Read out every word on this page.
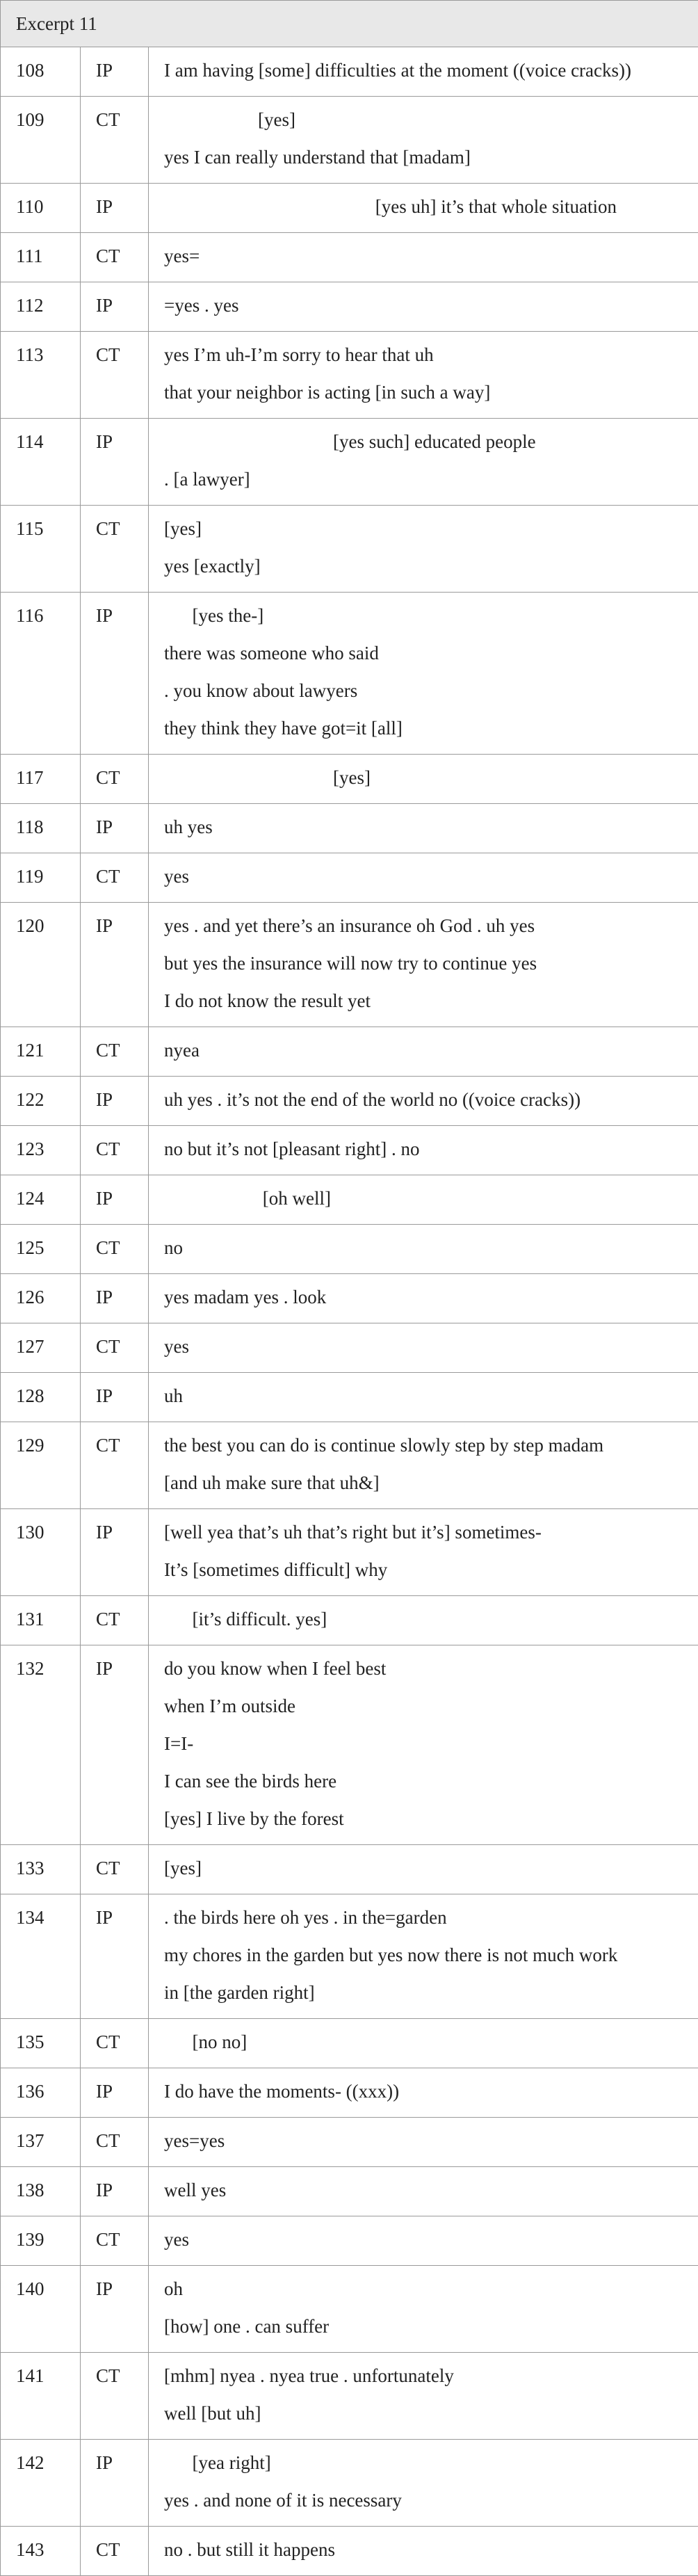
Excerpt 11		
108	IP	I am having [some] difficulties at the moment ((voice cracks))

109	CT	[yes]
yes I can really understand that [madam]

110	IP	[yes uh] it’s that whole situation

111	CT	yes=

112	IP	=yes . yes

113	CT	yes I’m uh-I’m sorry to hear that uh
that your neighbor is acting [in such a way]

114	IP	[yes such] educated people
. [a lawyer]

115	CT	[yes]
yes [exactly]

116	IP	[yes the-]
there was someone who said
. you know about lawyers
they think they have got=it [all]

117	CT	[yes]

118	IP	uh yes

119	CT	yes

120	IP	yes . and yet there’s an insurance oh God . uh yes
but yes the insurance will now try to continue yes
I do not know the result yet

121	CT	nyea

122	IP	uh yes . it’s not the end of the world no ((voice cracks))

123	CT	no but it’s not [pleasant right] . no

124	IP	[oh well]

125	CT	no

126	IP	yes madam yes . look

127	CT	yes

128	IP	uh

129	CT	the best you can do is continue slowly step by step madam
[and uh make sure that uh&]

130	IP	[well yea that’s uh that’s right but it’s] sometimes-
It’s [sometimes difficult] why

131	CT	[it’s difficult. yes]

132	IP	do you know when I feel best
when I’m outside
I=I-
I can see the birds here
[yes] I live by the forest

133	CT	[yes]

134	IP	. the birds here oh yes . in the=garden
my chores in the garden but yes now there is not much work
in [the garden right]

135	CT	[no no]

136	IP	I do have the moments- ((xxx))

137	CT	yes=yes

138	IP	well yes

139	CT	yes

140	IP	oh
[how] one . can suffer

141	CT	[mhm] nyea . nyea true . unfortunately
well [but uh]

142	IP	[yea right]
yes . and none of it is necessary

143	CT	no . but still it happens
